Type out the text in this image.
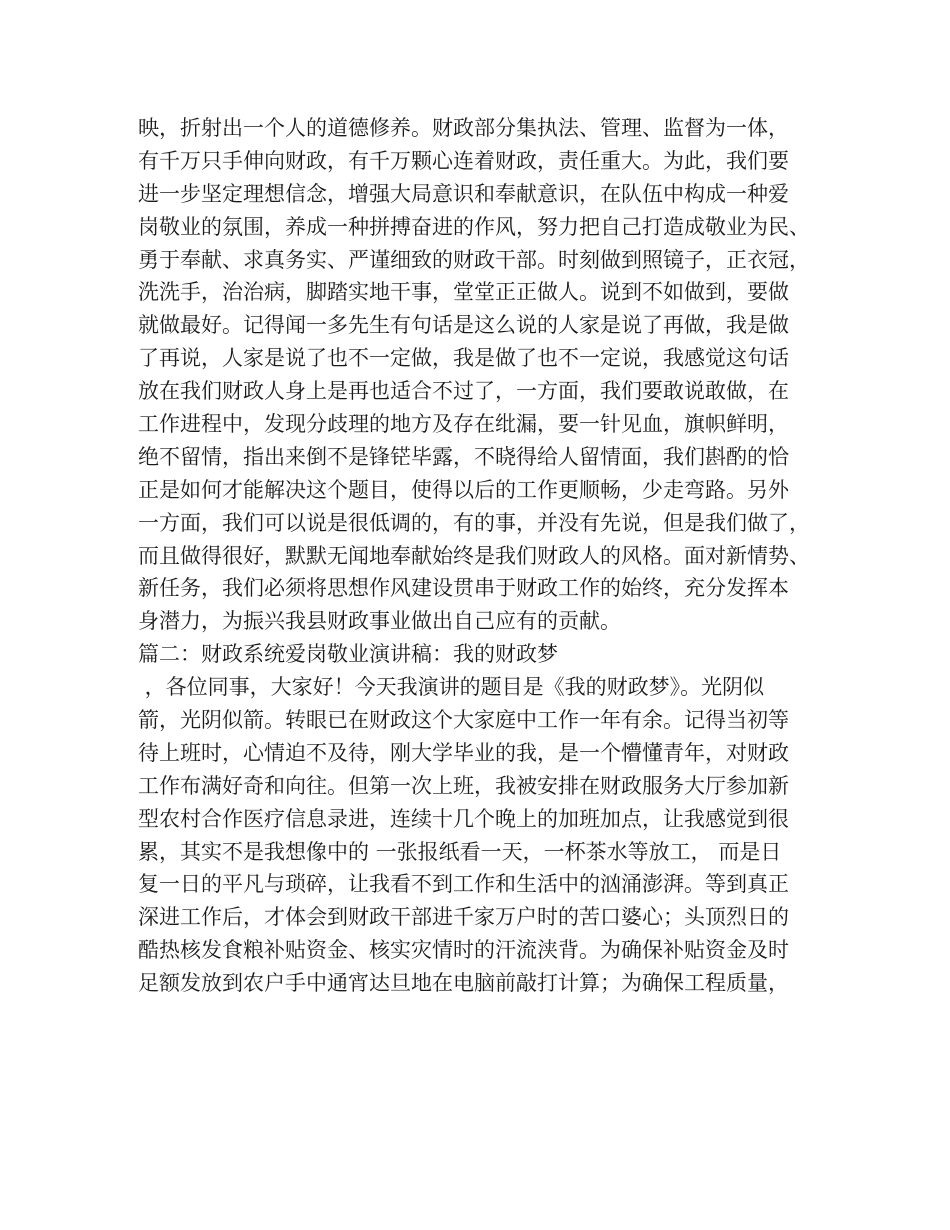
映，折射出一个人的道德修养。财政部分集执法、管理、监督为一体，
有千万只手伸向财政，有千万颗心连着财政，责任重大。为此，我们要
进一步坚定理想信念，增强大局意识和奉献意识，在队伍中构成一种爱
岗敬业的氛围，养成一种拼搏奋进的作风，努力把自己打造成敬业为民、
勇于奉献、求真务实、严谨细致的财政干部。时刻做到照镜子，正衣冠，
洗洗手，治治病，脚踏实地干事，堂堂正正做人。说到不如做到，要做
就做最好。记得闻一多先生有句话是这么说的人家是说了再做，我是做
了再说，人家是说了也不一定做，我是做了也不一定说，我感觉这句话
放在我们财政人身上是再也适合不过了，一方面，我们要敢说敢做，在
工作进程中，发现分歧理的地方及存在纰漏，要一针见血，旗帜鲜明，
绝不留情，指出来倒不是锋铓毕露，不晓得给人留情面，我们斟酌的恰
正是如何才能解决这个题目，使得以后的工作更顺畅，少走弯路。另外
一方面，我们可以说是很低调的，有的事，并没有先说，但是我们做了，
而且做得很好，默默无闻地奉献始终是我们财政人的风格。面对新情势、
新任务，我们必须将思想作风建设贯串于财政工作的始终，充分发挥本
身潜力，为振兴我县财政事业做出自己应有的贡献。
篇二：财政系统爱岗敬业演讲稿：我的财政梦
，各位同事，大家好！今天我演讲的题目是《我的财政梦》。光阴似
箭，光阴似箭。转眼已在财政这个大家庭中工作一年有余。记得当初等
待上班时，心情迫不及待，刚大学毕业的我，是一个懵懂青年，对财政
工作布满好奇和向往。但第一次上班，我被安排在财政服务大厅参加新
型农村合作医疗信息录进，连续十几个晚上的加班加点，让我感觉到很
累，其实不是我想像中的 一张报纸看一天，一杯茶水等放工， 而是日
复一日的平凡与琐碎，让我看不到工作和生活中的汹涌澎湃。等到真正
深进工作后，才体会到财政干部进千家万户时的苦口婆心；头顶烈日的
酷热核发食粮补贴资金、核实灾情时的汗流浃背。为确保补贴资金及时
足额发放到农户手中通宵达旦地在电脑前敲打计算；为确保工程质量，
